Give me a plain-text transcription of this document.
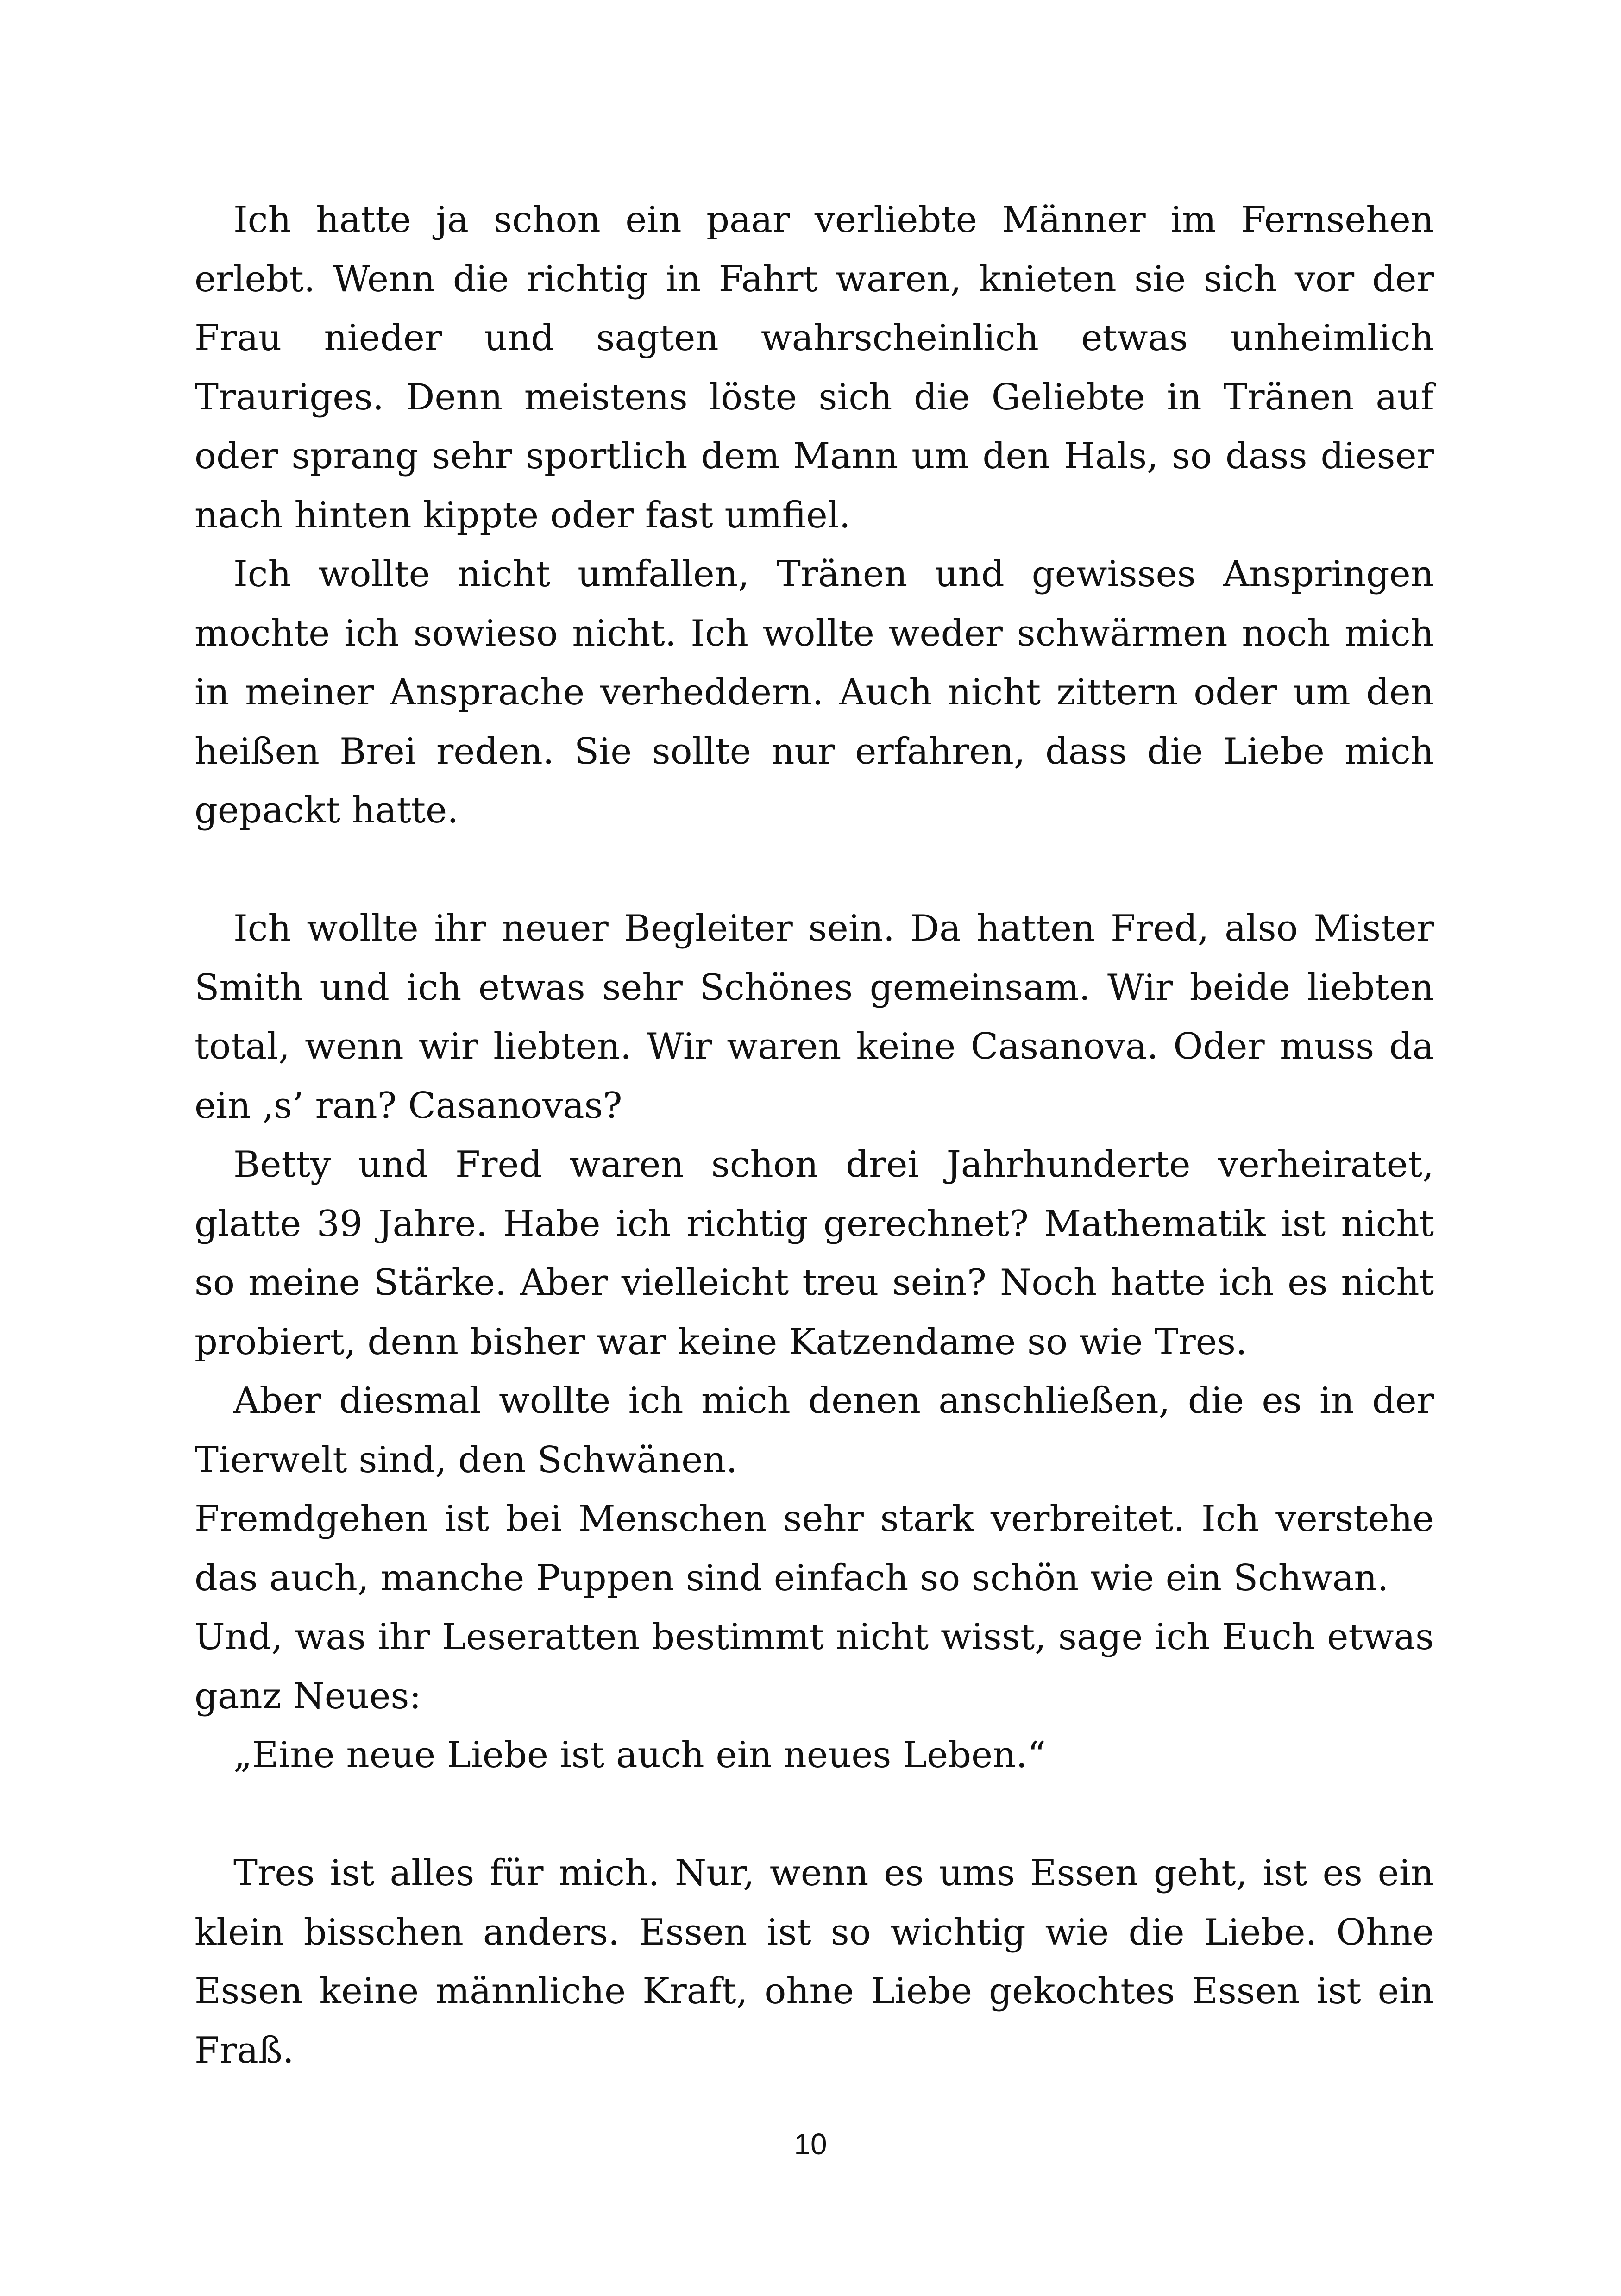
Ich hatte ja schon ein paar verliebte Männer im Fernsehen erlebt. Wenn die richtig in Fahrt waren, knieten sie sich vor der Frau nieder und sagten wahrscheinlich etwas unheimlich Trauriges. Denn meistens löste sich die Geliebte in Tränen auf oder sprang sehr sportlich dem Mann um den Hals, so dass dieser nach hinten kippte oder fast umfiel.

Ich wollte nicht umfallen, Tränen und gewisses Anspringen mochte ich sowieso nicht. Ich wollte weder schwärmen noch mich in meiner Ansprache verheddern. Auch nicht zittern oder um den heißen Brei reden. Sie sollte nur erfahren, dass die Liebe mich gepackt hatte.

Ich wollte ihr neuer Begleiter sein. Da hatten Fred, also Mister Smith und ich etwas sehr Schönes gemeinsam. Wir beide liebten total, wenn wir liebten. Wir waren keine Casanova. Oder muss da ein ‚s’ ran? Casanovas?

Betty und Fred waren schon drei Jahrhunderte verheiratet, glatte 39 Jahre. Habe ich richtig gerechnet? Mathematik ist nicht so meine Stärke. Aber vielleicht treu sein? Noch hatte ich es nicht probiert, denn bisher war keine Katzendame so wie Tres.

Aber diesmal wollte ich mich denen anschließen, die es in der Tierwelt sind, den Schwänen.

Fremdgehen ist bei Menschen sehr stark verbreitet. Ich verstehe das auch, manche Puppen sind einfach so schön wie ein Schwan.

Und, was ihr Leseratten bestimmt nicht wisst, sage ich Euch etwas ganz Neues:

„Eine neue Liebe ist auch ein neues Leben.“

Tres ist alles für mich. Nur, wenn es ums Essen geht, ist es ein klein bisschen anders. Essen ist so wichtig wie die Liebe. Ohne Essen keine männliche Kraft, ohne Liebe gekochtes Essen ist ein Fraß.

10
